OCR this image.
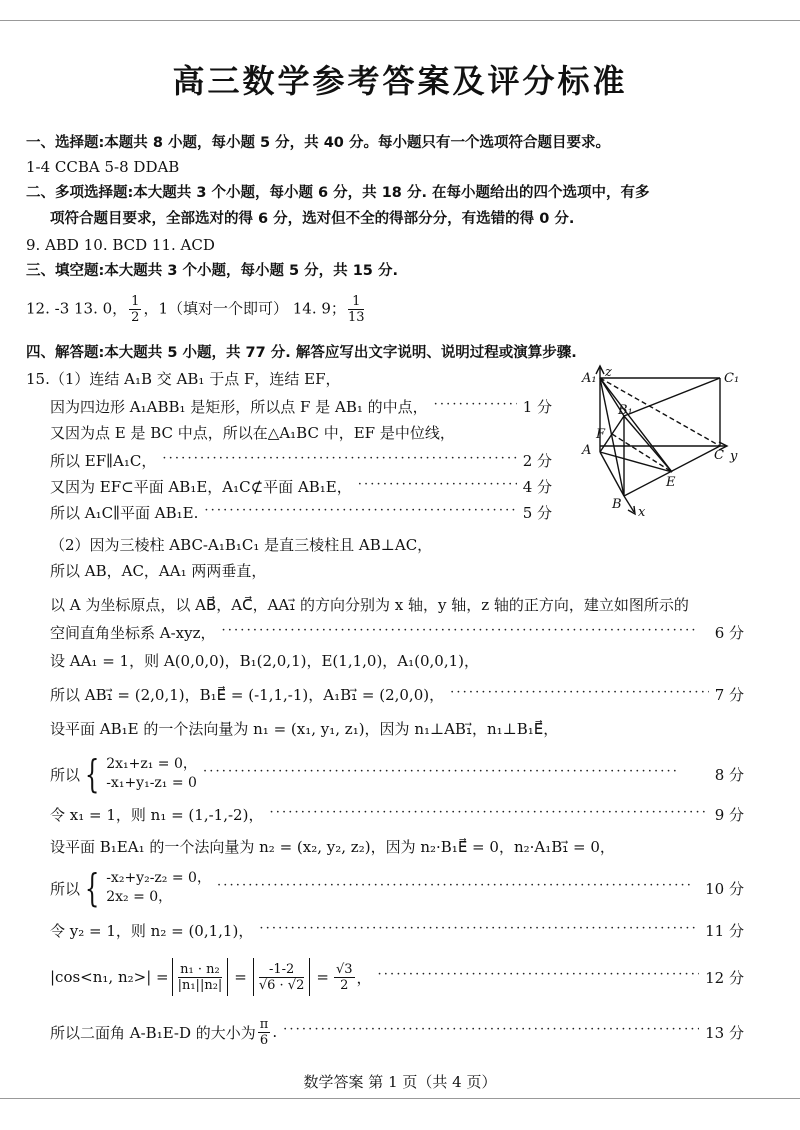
高三数学参考答案及评分标准
一、选择题:本题共 8 小题，每小题 5 分，共 40 分。每小题只有一个选项符合题目要求。
1-4 CCBA 5-8 DDAB
二、多项选择题:本大题共 3 个小题，每小题 6 分，共 18 分. 在每小题给出的四个选项中，有多
项符合题目要求，全部选对的得 6 分，选对但不全的得部分分，有选错的得 0 分.
9. ABD 10. BCD 11. ACD
三、填空题:本大题共 3 个小题，每小题 5 分，共 15 分.
12. -3 13. 0， $\frac{1}{2}$ ，1（填对一个即可） 14. 9； $\frac{1}{13}$
四、解答题:本大题共 5 小题，共 77 分. 解答应写出文字说明、说明过程或演算步骤.
15.（1）连结 A₁B 交 AB₁ 于点 F，连结 EF，
因为四边形 A₁ABB₁ 是矩形，所以点 F 是 AB₁ 的中点， · · ·	1 分
又因为点 E 是 BC 中点，所以在△A₁BC 中，EF 是中位线，
所以 EF∥A₁C， · · ·	2 分
又因为 EF⊂平面 AB₁E，A₁C⊄平面 AB₁E， · · ·	4 分
所以 A₁C∥平面 AB₁E. · · ·	5 分
A₁ z	C₁
B₁
F
A	C y
E
B
x
（2）因为三棱柱 ABC-A₁B₁C₁ 是直三棱柱且 AB⊥AC，
所以 AB，AC，AA₁ 两两垂直，
以 A 为坐标原点，以 AB⃗，AC⃗，AA₁⃗ 的方向分别为 x 轴，y 轴，z 轴的正方向，建立如图所示的
空间直角坐标系 A-xyz， · · ·	6 分
设 AA₁ = 1，则 A(0,0,0)，B₁(2,0,1)，E(1,1,0)，A₁(0,0,1)，
所以 AB₁⃗ = (2,0,1)，B₁E⃗ = (-1,1,-1)，A₁B₁⃗ = (2,0,0)， · · ·	7 分
设平面 AB₁E 的一个法向量为 n₁ = (x₁, y₁, z₁)，因为 n₁⊥AB₁⃗，n₁⊥B₁E⃗，
所以 { 2x₁+z₁ = 0，
-x₁+y₁-z₁ = 0 · · ·	8 分
令 x₁ = 1，则 n₁ = (1,-1,-2)， · · ·	9 分
设平面 B₁EA₁ 的一个法向量为 n₂ = (x₂, y₂, z₂)，因为 n₂·B₁E⃗ = 0，n₂·A₁B₁⃗ = 0，
所以 { -x₂+y₂-z₂ = 0，
2x₂ = 0， · · ·	10 分
令 y₂ = 1，则 n₂ = (0,1,1)， · · ·	11 分
|cos<n₁, $n_2>| = \frac{\text{n₁ · n₂}}{\text{|n₁||n₂|}} = \frac{-1-2}{√6 \cdot √2} = \frac{√3}{2}$ ， · · ·	12 分
所以二面角 A-B₁E-D 的大小为 $\frac{\pi}{6}$ . · · ·	13 分
数学答案 第 1 页（共 4 页）
